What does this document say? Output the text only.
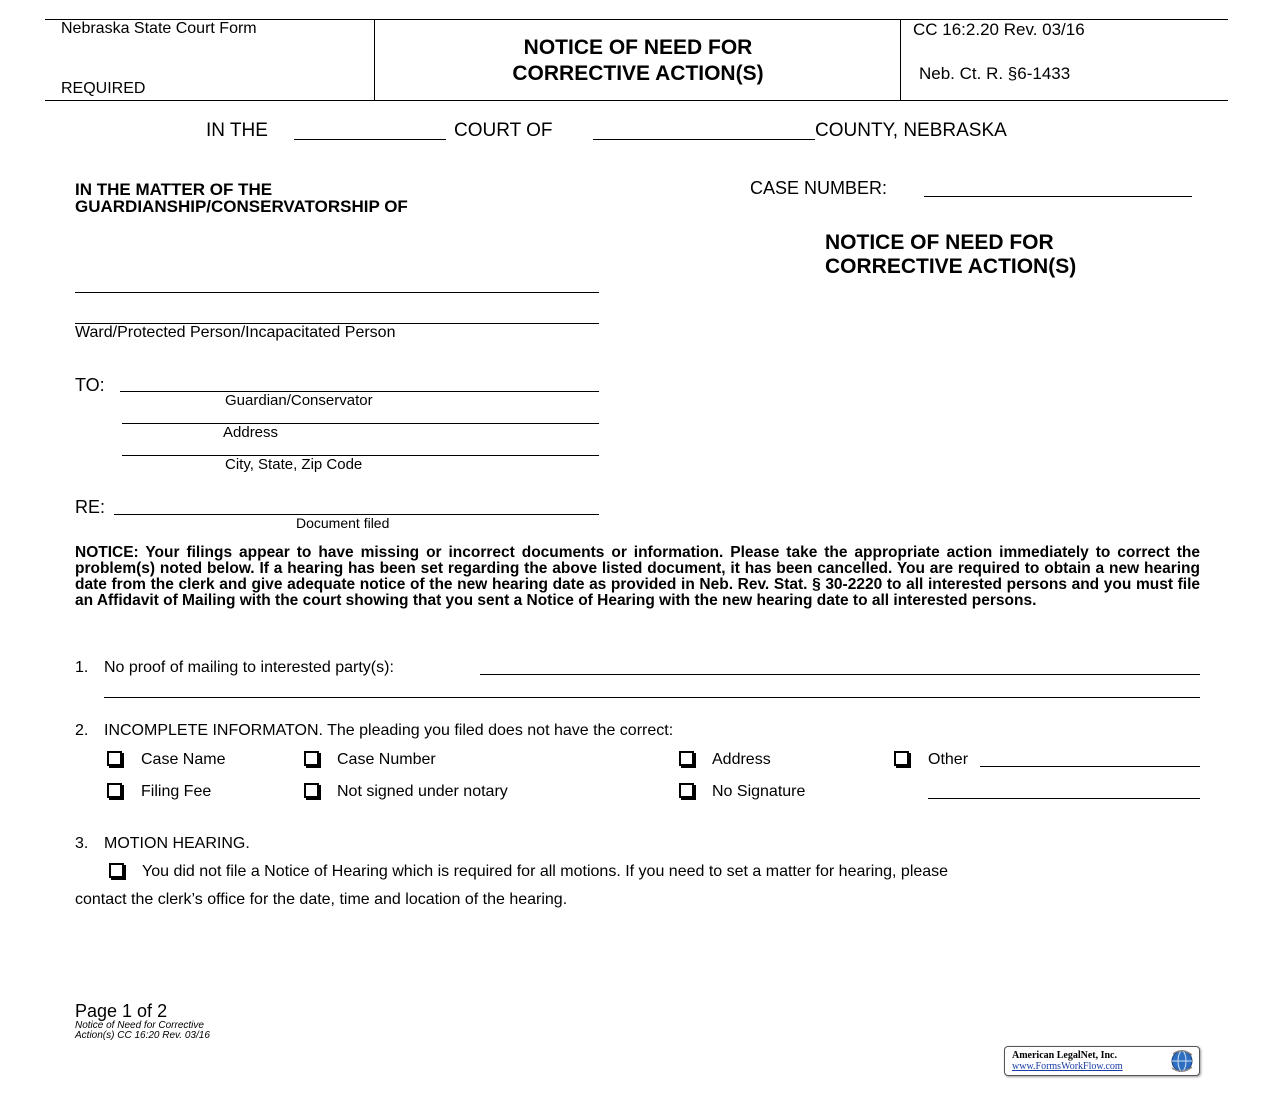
Nebraska State Court Form
REQUIRED
NOTICE OF NEED FOR
CORRECTIVE ACTION(S)
CC 16:2.20 Rev. 03/16
Neb. Ct. R. §6-1433
IN THE	COURT OF	COUNTY, NEBRASKA
IN THE MATTER OF THE
GUARDIANSHIP/CONSERVATORSHIP OF
CASE NUMBER:
NOTICE OF NEED FOR
CORRECTIVE ACTION(S)
Ward/Protected Person/Incapacitated Person
TO:
Guardian/Conservator
Address
City, State, Zip Code
RE:
Document filed
NOTICE: Your filings appear to have missing or incorrect documents or information. Please take the appropriate action immediately to correct the problem(s) noted below. If a hearing has been set regarding the above listed document, it has been cancelled. You are required to obtain a new hearing date from the clerk and give adequate notice of the new hearing date as provided in Neb. Rev. Stat. § 30-2220 to all interested persons and you must file an Affidavit of Mailing with the court showing that you sent a Notice of Hearing with the new hearing date to all interested persons.
1. No proof of mailing to interested party(s):
2. INCOMPLETE INFORMATON. The pleading you filed does not have the correct:
Case Name	Case Number	Address	Other
Filing Fee	Not signed under notary	No Signature
3. MOTION HEARING.
You did not file a Notice of Hearing which is required for all motions. If you need to set a matter for hearing, please
contact the clerk’s office for the date, time and location of the hearing.
Page 1 of 2
Notice of Need for Corrective
Action(s) CC 16:20 Rev. 03/16
American LegalNet, Inc.
www.FormsWorkFlow.com
